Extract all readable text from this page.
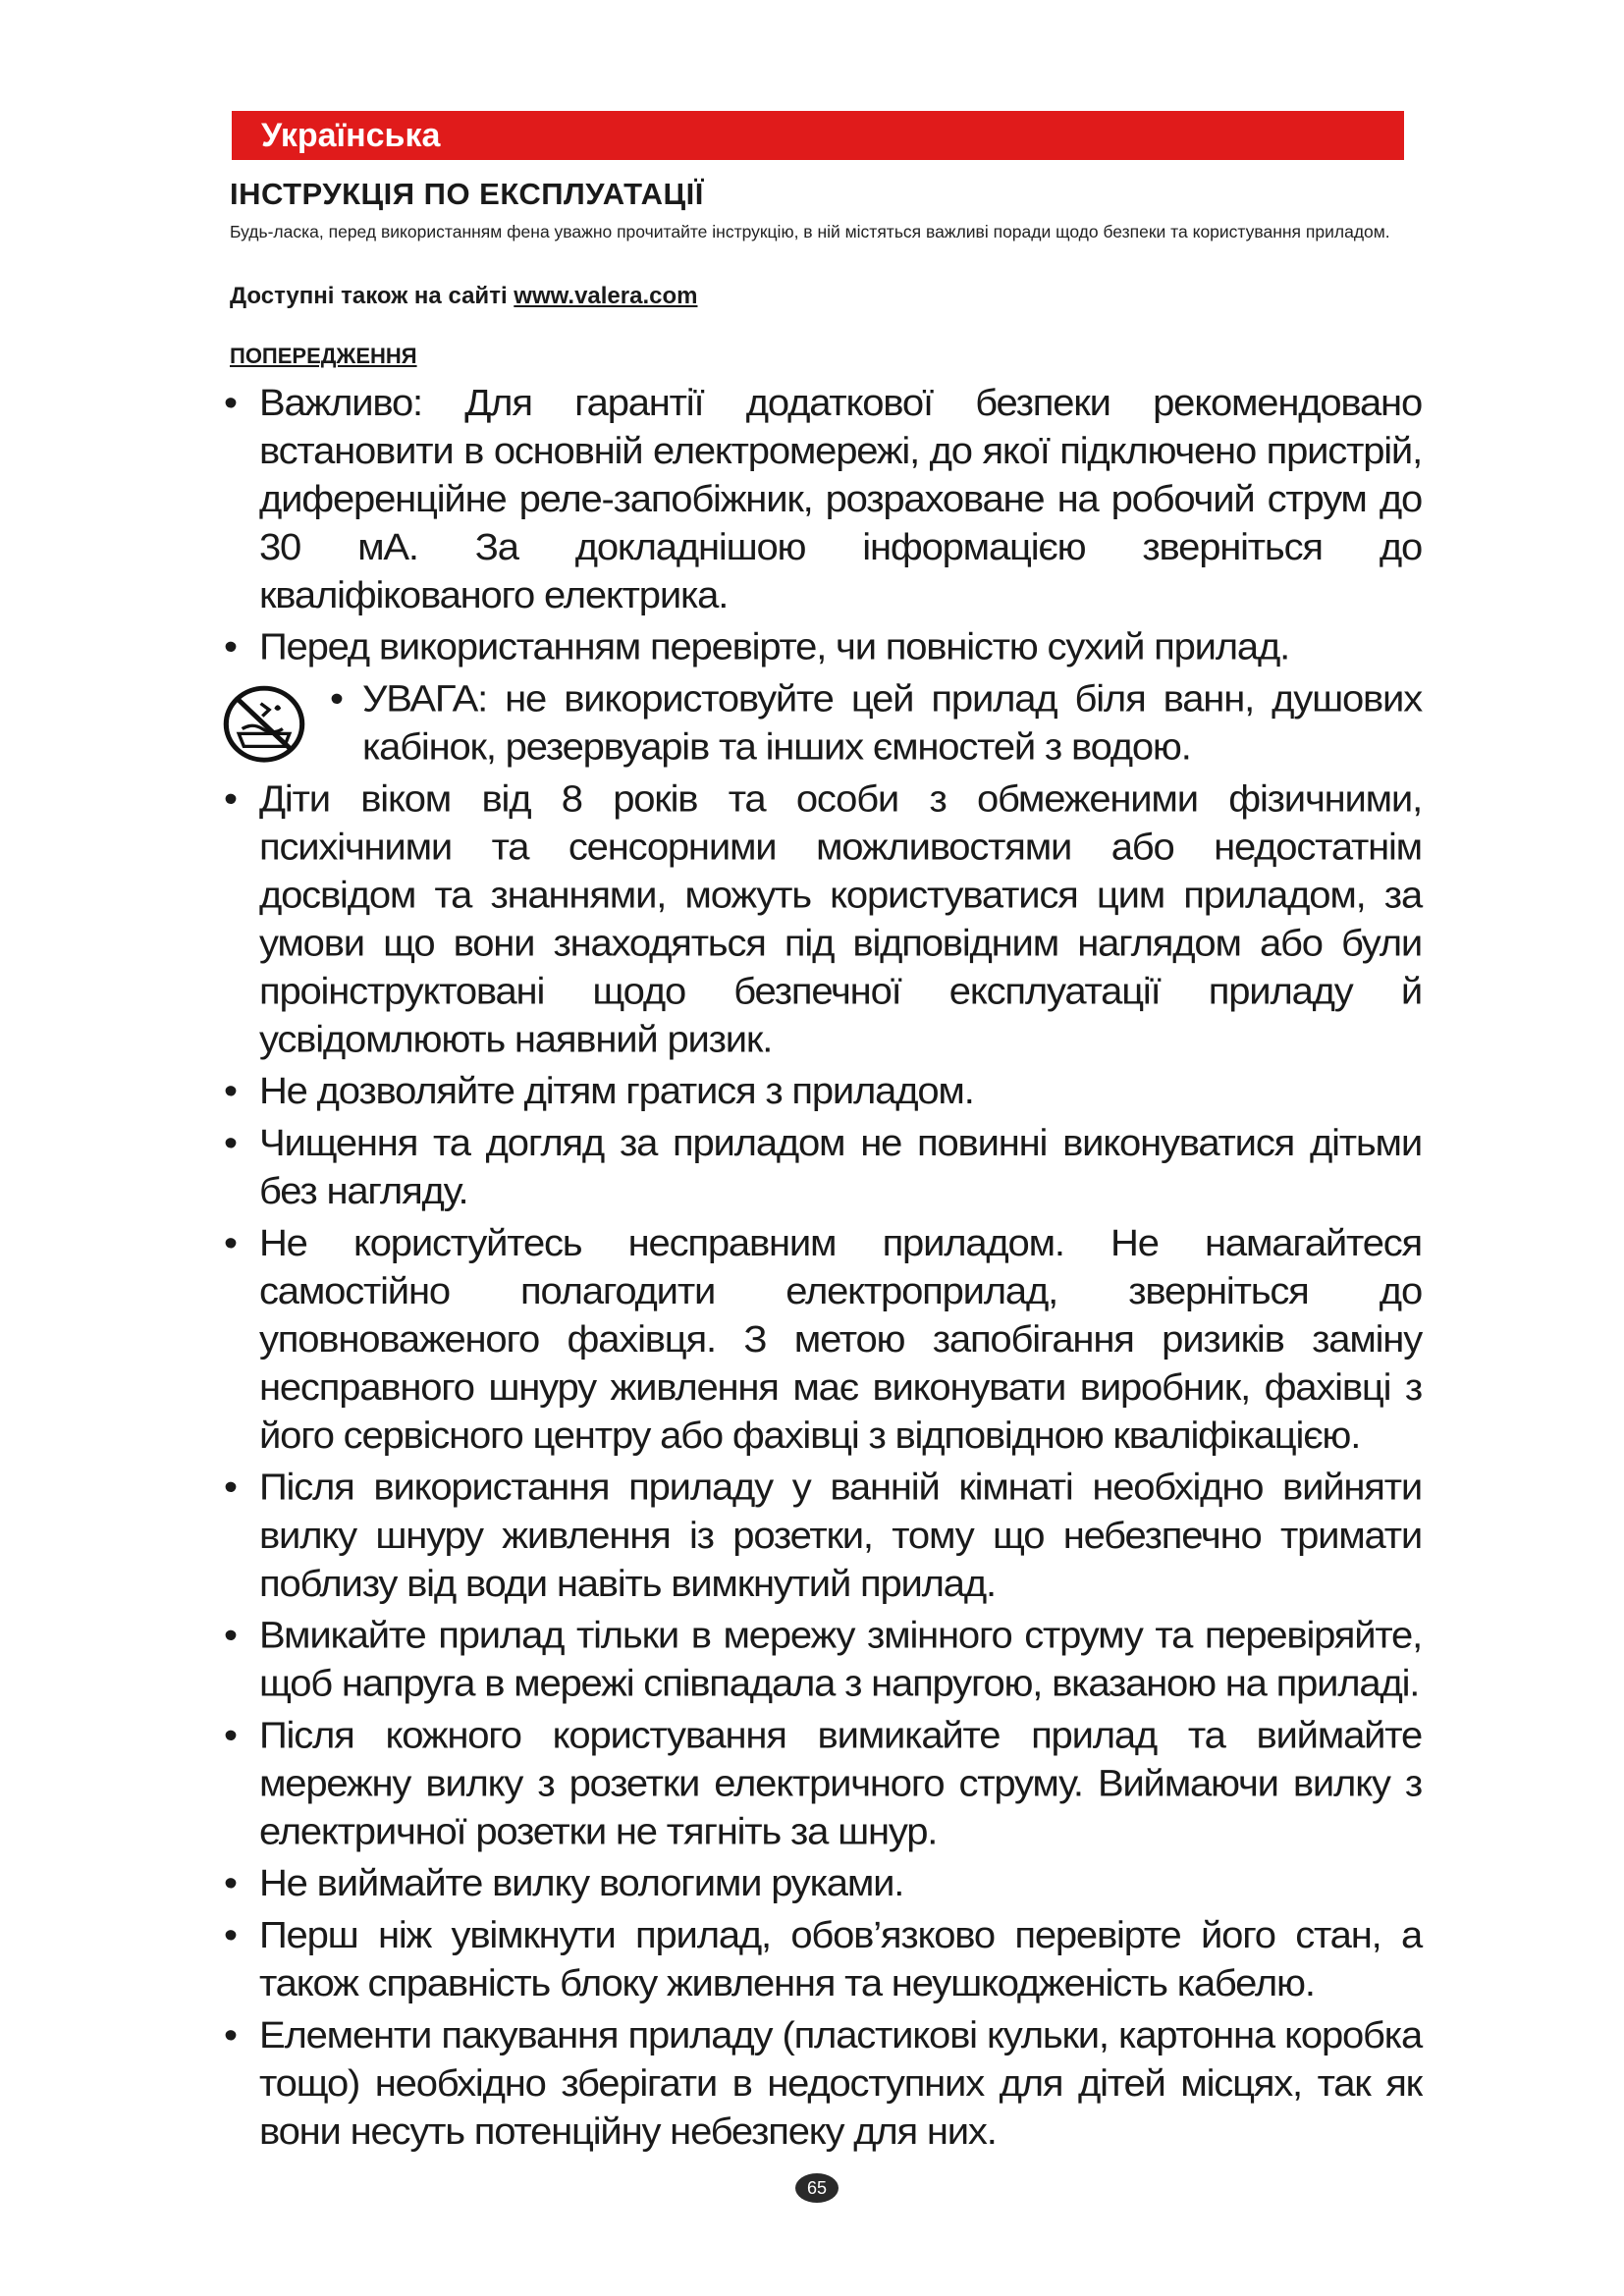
Українська
ІНСТРУКЦІЯ ПО ЕКСПЛУАТАЦІЇ
Будь-ласка, перед використанням фена уважно прочитайте інструкцію, в ній містяться важливі поради щодо безпеки та користування приладом.
Доступні також на сайті www.valera.com
ПОПЕРЕДЖЕННЯ
• Важливо: Для гарантії додаткової безпеки рекомендовано встановити в основній електромережі, до якої підключено пристрій, диференційне реле-запобіжник, розраховане на робочий струм до 30 мА. За докладнішою інформацією зверніться до кваліфікованого електрика.
• Перед використанням перевірте, чи повністю сухий прилад.
• УВАГА: не використовуйте цей прилад біля ванн, душових кабінок, резервуарів та інших ємностей з водою.
• Діти віком від 8 років та особи з обмеженими фізичними, психічними та сенсорними можливостями або недостатнім досвідом та знаннями, можуть користуватися цим приладом, за умови що вони знаходяться під відповідним наглядом або були проінструктовані щодо безпечної експлуатації приладу й усвідомлюють наявний ризик.
• Не дозволяйте дітям гратися з приладом.
• Чищення та догляд за приладом не повинні виконуватися дітьми без нагляду.
• Не користуйтесь несправним приладом. Не намагайтеся самостійно полагодити електроприлад, зверніться до уповноваженого фахівця. З метою запобігання ризиків заміну несправного шнуру живлення має виконувати виробник, фахівці з його сервісного центру або фахівці з відповідною кваліфікацією.
• Після використання приладу у ванній кімнаті необхідно вийняти вилку шнуру живлення із розетки, тому що небезпечно тримати поблизу від води навіть вимкнутий прилад.
• Вмикайте прилад тільки в мережу змінного струму та перевіряйте, щоб напруга в мережі співпадала з напругою, вказаною на приладі.
• Після кожного користування вимикайте прилад та виймайте мережну вилку з розетки електричного струму. Виймаючи вилку з електричної розетки не тягніть за шнур.
• Не виймайте вилку вологими руками.
• Перш ніж увімкнути прилад, обов’язково перевірте його стан, а також справність блоку живлення та неушкодженість кабелю.
• Елементи пакування приладу (пластикові кульки, картонна коробка тощо) необхідно зберігати в недоступних для дітей місцях, так як вони несуть потенційну небезпеку для них.
65
